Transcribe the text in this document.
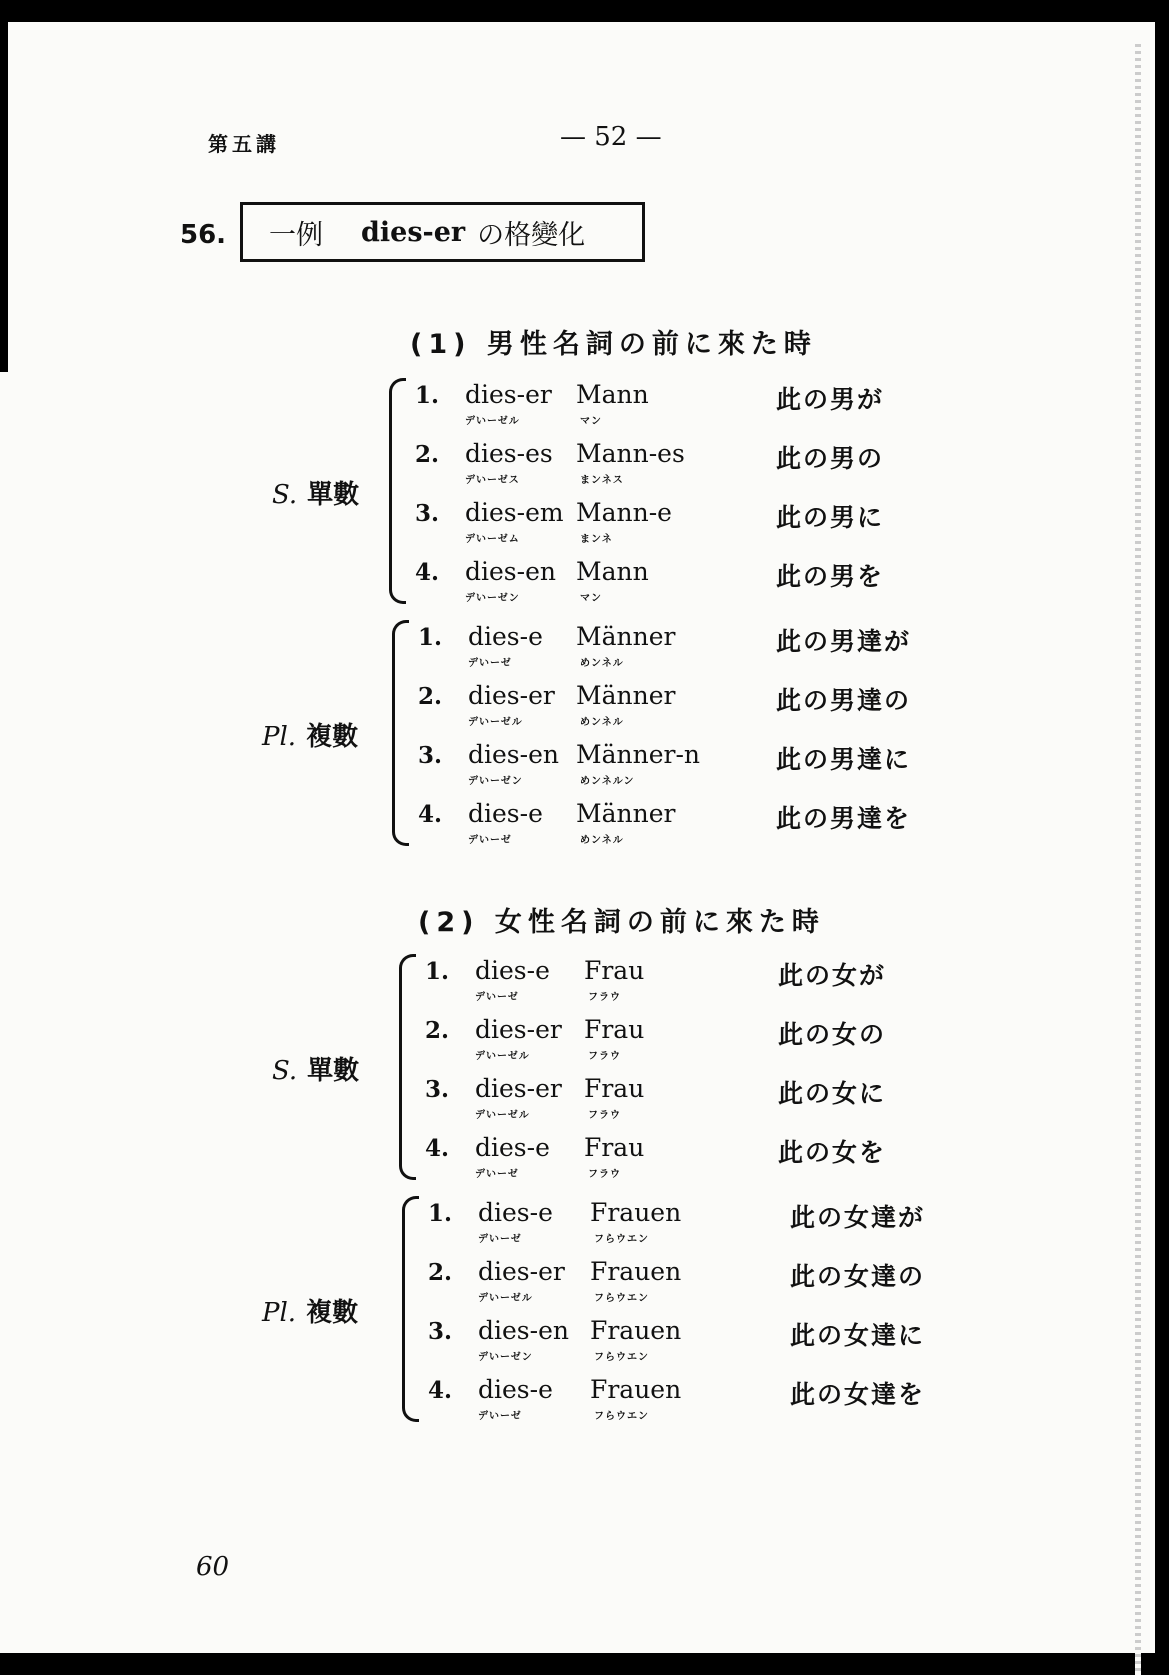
第五講	— 52 —
56. 一例 dies-er の格變化
(1) 男性名詞の前に來た時
S. 單數
1. dies-er
デいーゼル
Mann
マン
此の男が
2. dies-es
デいーゼス
Mann-es
まンネス
此の男の
3. dies-em
デいーゼム
Mann-e
まンネ
此の男に
4. dies-en
デいーゼン
Mann
マン
此の男を
Pl. 複數
1. dies-e
デいーゼ
Männer
めンネル
此の男達が
2. dies-er
デいーゼル
Männer
めンネル
此の男達の
3. dies-en
デいーゼン
Männer-n
めンネルン
此の男達に
4. dies-e
デいーゼ
Männer
めンネル
此の男達を
(2) 女性名詞の前に來た時
S. 單數
1. dies-e
デいーゼ
Frau
フラウ
此の女が
2. dies-er
デいーゼル
Frau
フラウ
此の女の
3. dies-er
デいーゼル
Frau
フラウ
此の女に
4. dies-e
デいーゼ
Frau
フラウ
此の女を
Pl. 複數
1. dies-e
デいーゼ
Frauen
フらウエン
此の女達が
2. dies-er
デいーゼル
Frauen
フらウエン
此の女達の
3. dies-en
デいーゼン
Frauen
フらウエン
此の女達に
4. dies-e
デいーゼ
Frauen
フらウエン
此の女達を
60
